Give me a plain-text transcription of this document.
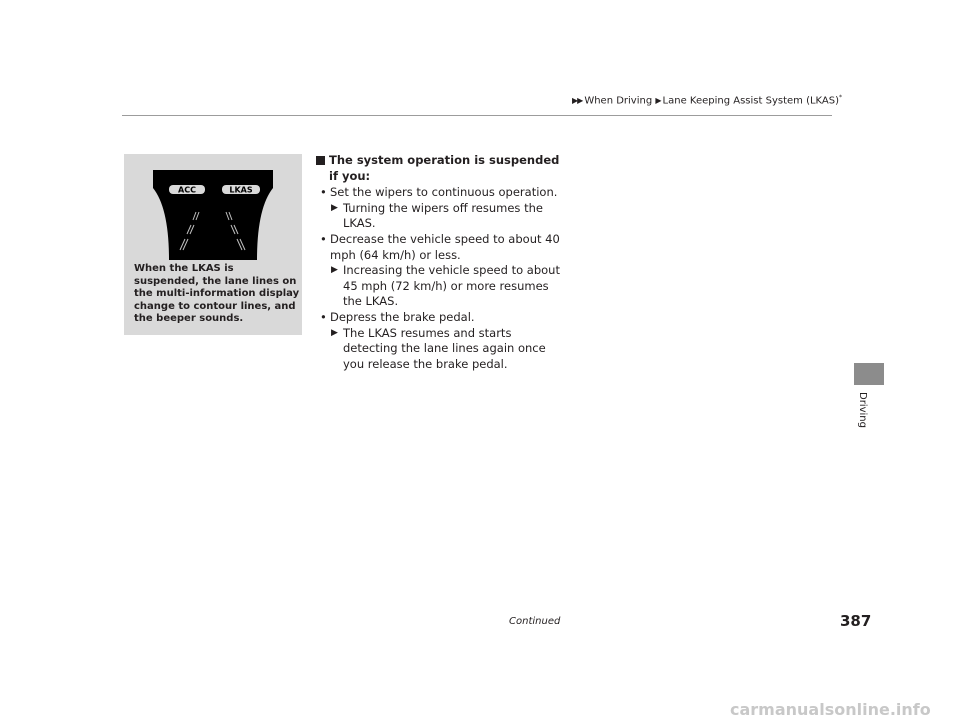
▶▶ When Driving ▶ Lane Keeping Assist System (LKAS)*
ACC	LKAS

When the LKAS is suspended, the lane lines on the multi-information display change to contour lines, and the beeper sounds.

The system operation is suspended if you:

• Set the wipers to continuous operation.

▶ Turning the wipers off resumes the LKAS.

• Decrease the vehicle speed to about 40 mph (64 km/h) or less.

▶ Increasing the vehicle speed to about 45 mph (72 km/h) or more resumes the LKAS.

• Depress the brake pedal.

▶ The LKAS resumes and starts detecting the lane lines again once you release the brake pedal.

Driving
Continued	387
carmanualsonline.info
